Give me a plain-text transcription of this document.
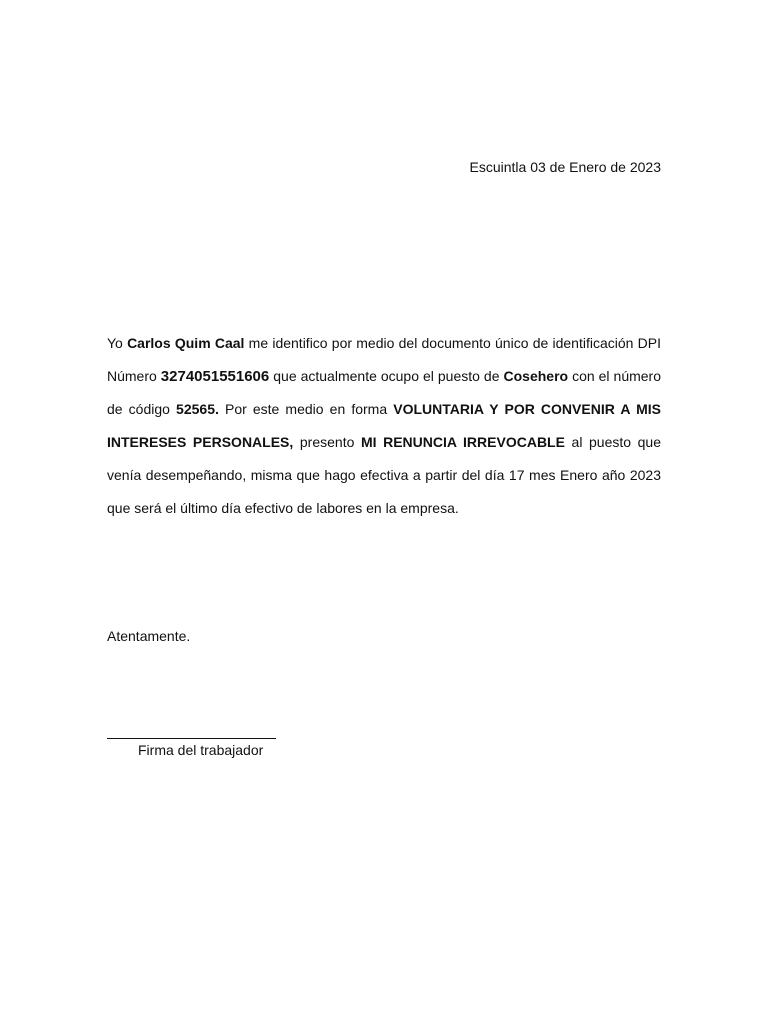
Escuintla 03 de Enero de 2023

Yo Carlos Quim Caal me identifico por medio del documento único de identificación DPI Número 3274051551606 que actualmente ocupo el puesto de Cosehero con el número de código 52565. Por este medio en forma VOLUNTARIA Y POR CONVENIR A MIS INTERESES PERSONALES, presento MI RENUNCIA IRREVOCABLE al puesto que venía desempeñando, misma que hago efectiva a partir del día 17 mes Enero año 2023 que será el último día efectivo de labores en la empresa.

Atentamente.
Firma del trabajador
